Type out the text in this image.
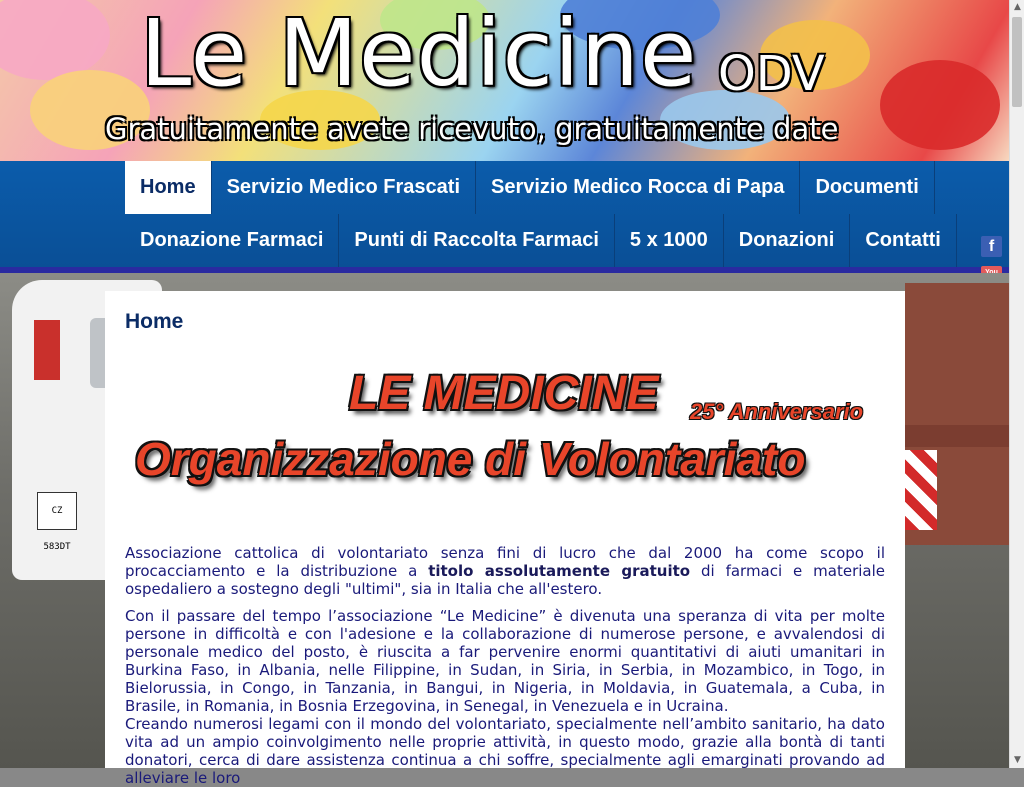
Le Medicine ODV
Gratuitamente avete ricevuto, gratuitamente date
Home	Servizio Medico Frascati	Servizio Medico Rocca di Papa	Documenti
Donazione Farmaci	Punti di Raccolta Farmaci	5 x 1000	Donazioni	Contatti	f
CZ 583DT
Home
LE MEDICINE 25° Anniversario
Organizzazione di Volontariato

Associazione cattolica di volontariato senza fini di lucro che dal 2000 ha come scopo il procacciamento e la distribuzione a titolo assolutamente gratuito di farmaci e materiale ospedaliero a sostegno degli "ultimi", sia in Italia che all'estero.

Con il passare del tempo l’associazione “Le Medicine” è divenuta una speranza di vita per molte persone in difficoltà e con l'adesione e la collaborazione di numerose persone, e avvalendosi di personale medico del posto, è riuscita a far pervenire enormi quantitativi di aiuti umanitari in Burkina Faso, in Albania, nelle Filippine, in Sudan, in Siria, in Serbia, in Mozambico, in Togo, in Bielorussia, in Congo, in Tanzania, in Bangui, in Nigeria, in Moldavia, in Guatemala, a Cuba, in Brasile, in Romania, in Bosnia Erzegovina, in Senegal, in Venezuela e in Ucraina.

Creando numerosi legami con il mondo del volontariato, specialmente nell’ambito sanitario, ha dato vita ad un ampio coinvolgimento nelle proprie attività, in questo modo, grazie alla bontà di tanti donatori, cerca di dare assistenza continua a chi soffre, specialmente agli emarginati provando ad alleviare le loro

▲
▼
